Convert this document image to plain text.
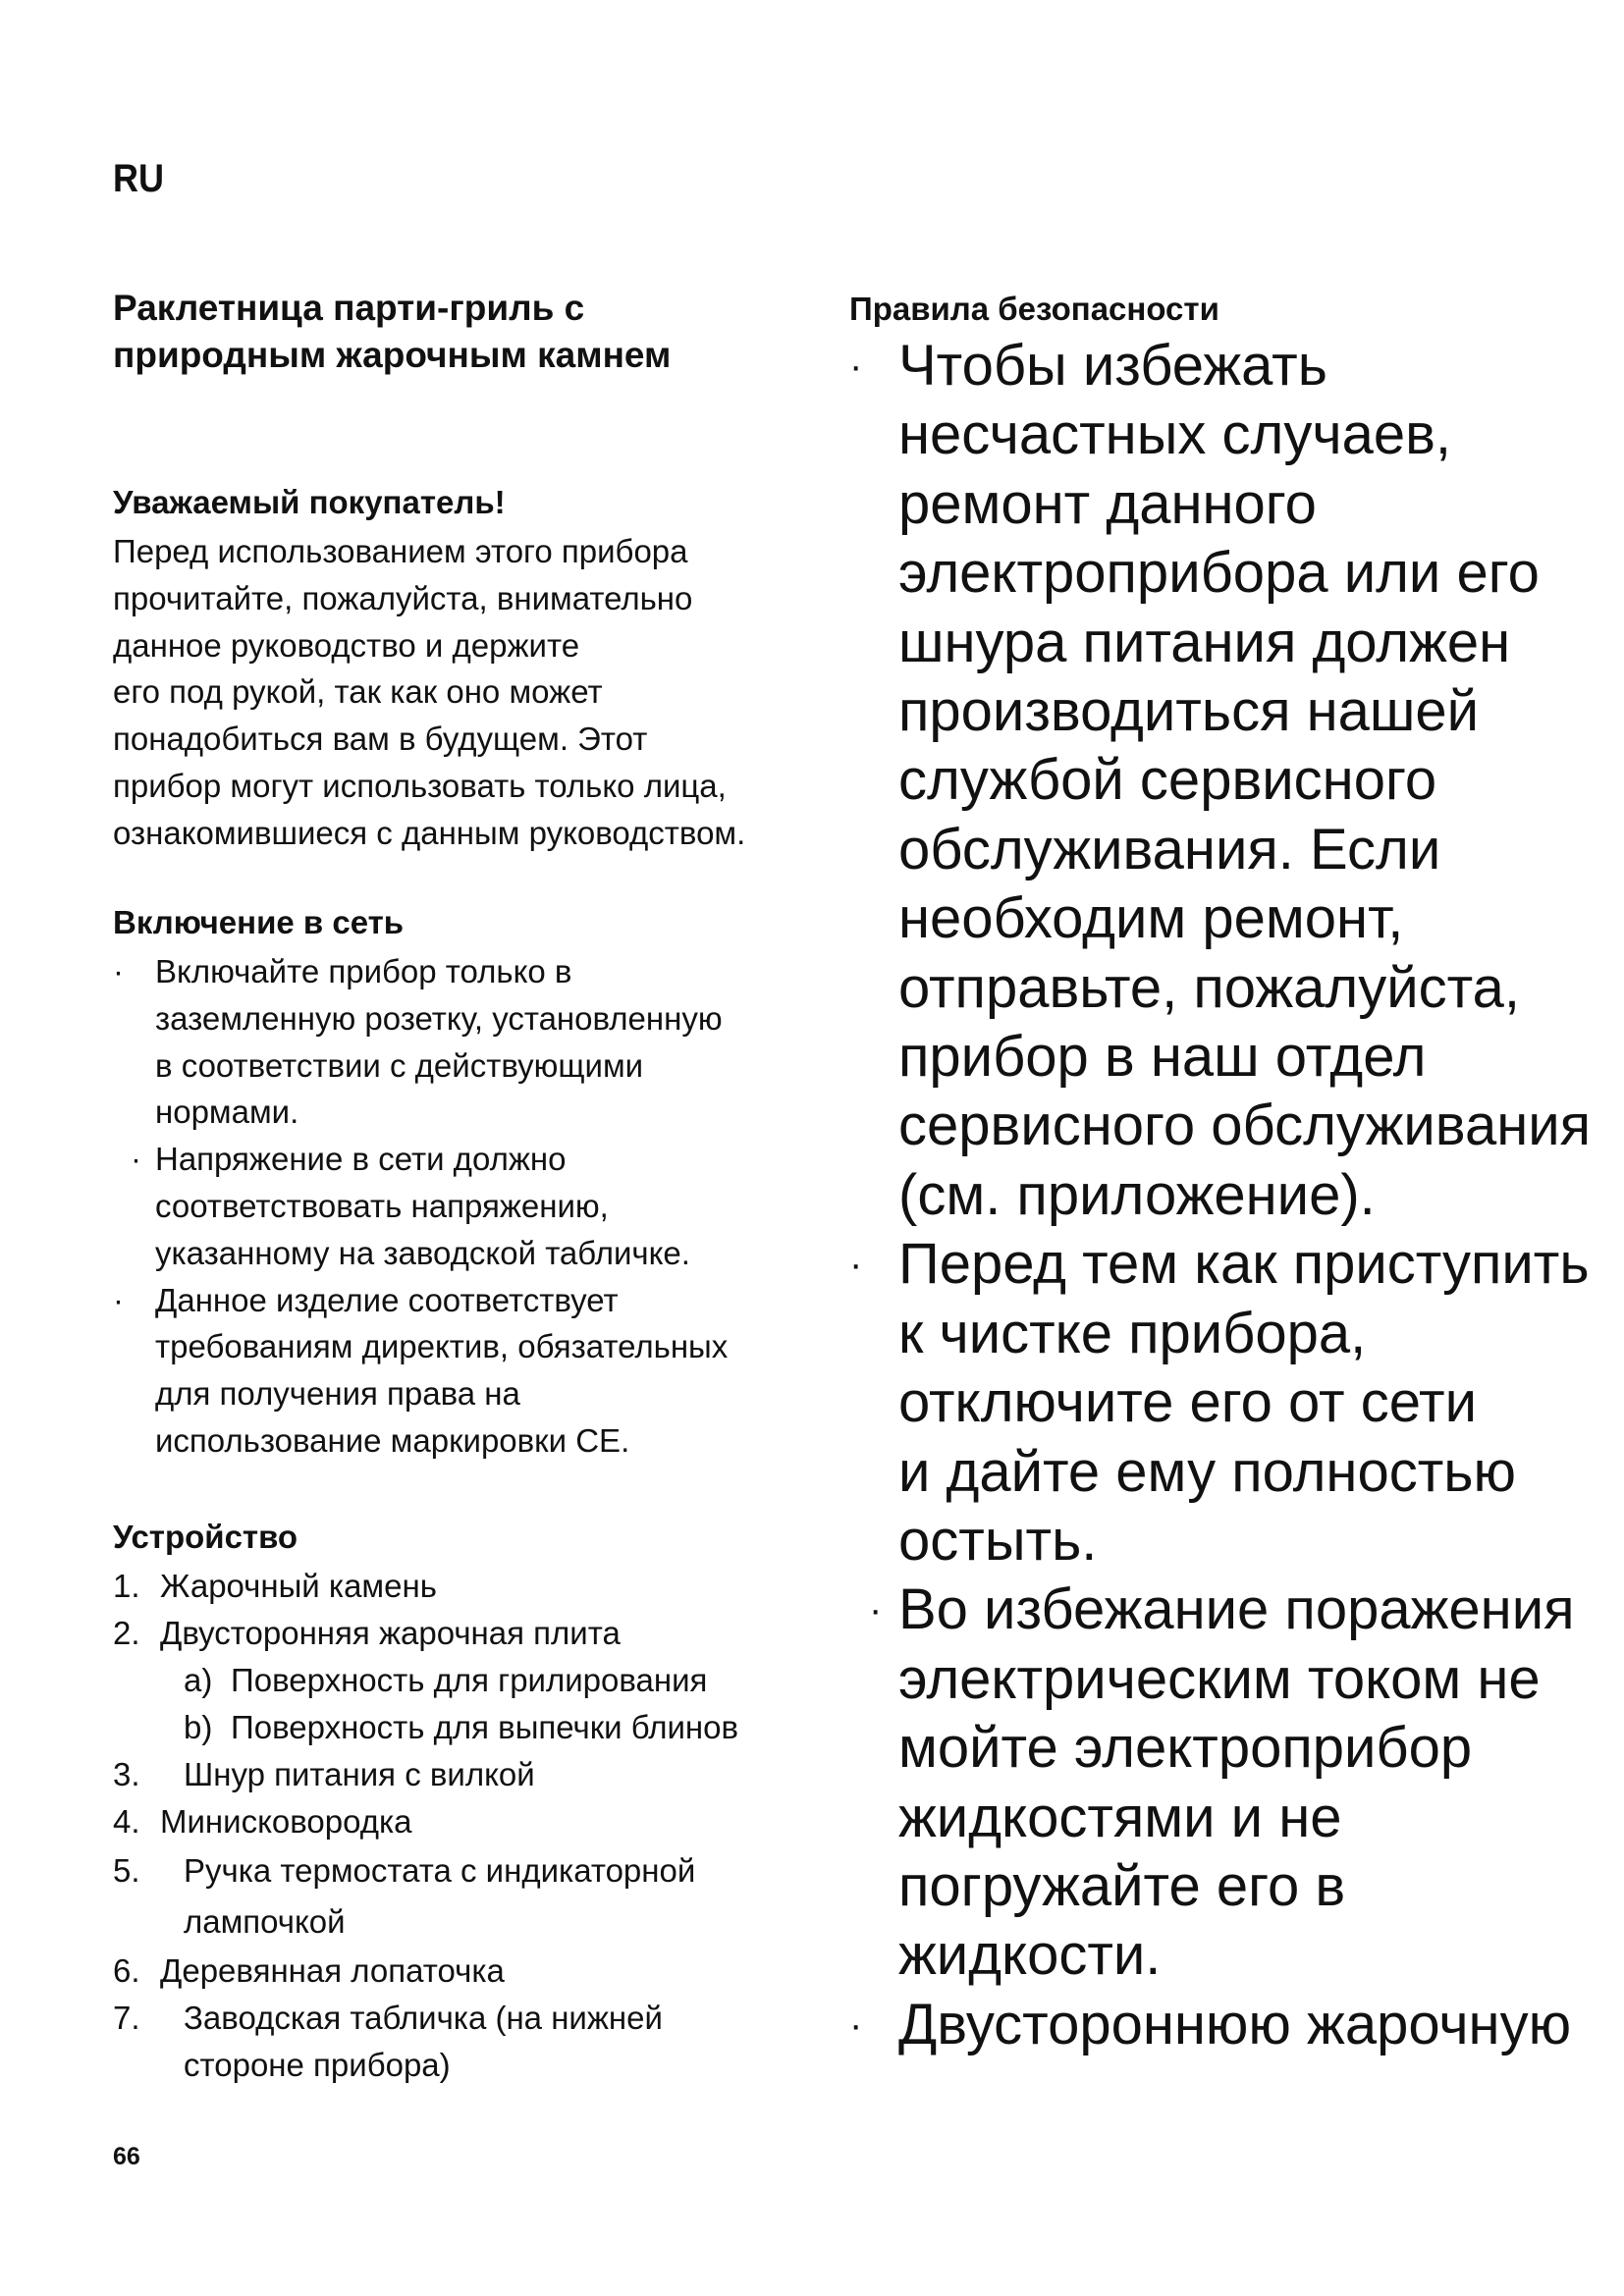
RU
Раклетница парти-гриль с
природным жарочным камнем
Уважаемый покупатель!

Перед использованием этого прибора
прочитайте, пожалуйста, внимательно
данное руководство и держите
его под рукой, так как оно может
понадобиться вам в будущем. Этот
прибор могут использовать только лица,
ознакомившиеся с данным руководством.

Включение в сеть
· Включайте прибор только в
заземленную розетку, установленную
в соответствии с действующими
нормами.
· Напряжение в сети должно
соответствовать напряжению,
указанному на заводской табличке.
· Данное изделие соответствует
требованиям директив, обязательных
для получения права на
использование маркировки CE.
Устройство
1. Жарочный камень
2. Двусторонняя жарочная плита
a) Поверхность для грилирования
b) Поверхность для выпечки блинов
3. Шнур питания с вилкой
4. Минисковородка
5. Ручка термостата с индикаторной
лампочкой
6. Деревянная лопаточка
7. Заводская табличка (на нижней
стороне прибора)
66
Правила безопасности
· Чтобы избежать
несчастных случаев,
ремонт данного
электроприбора или его
шнура питания должен
производиться нашей
службой сервисного
обслуживания. Если
необходим ремонт,
отправьте, пожалуйста,
прибор в наш отдел
сервисного обслуживания
(см. приложение).
· Перед тем как приступить
к чистке прибора,
отключите его от сети
и дайте ему полностью
остыть.
· Во избежание поражения
электрическим током не
мойте электроприбор
жидкостями и не
погружайте его в
жидкости.
· Двустороннюю жарочную
